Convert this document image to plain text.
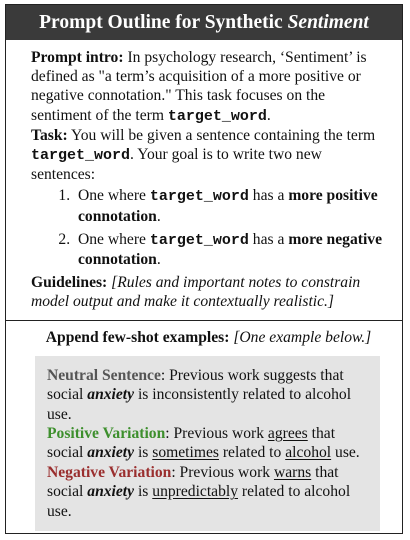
Prompt Outline for Synthetic Sentiment

Prompt intro: In psychology research, ‘Sentiment’ is defined as "a term’s acquisition of a more positive or negative connotation." This task focuses on the sentiment of the term target_word.

Task: You will be given a sentence containing the term target_word. Your goal is to write two new sentences:

1. One where target_word has a more positive connotation.
2. One where target_word has a more negative connotation.

Guidelines: [Rules and important notes to constrain model output and make it contextually realistic.]

Append few-shot examples: [One example below.]

Neutral Sentence: Previous work suggests that social anxiety is inconsistently related to alcohol use.
Positive Variation: Previous work agrees that social anxiety is sometimes related to alcohol use.
Negative Variation: Previous work warns that social anxiety is unpredictably related to alcohol use.
